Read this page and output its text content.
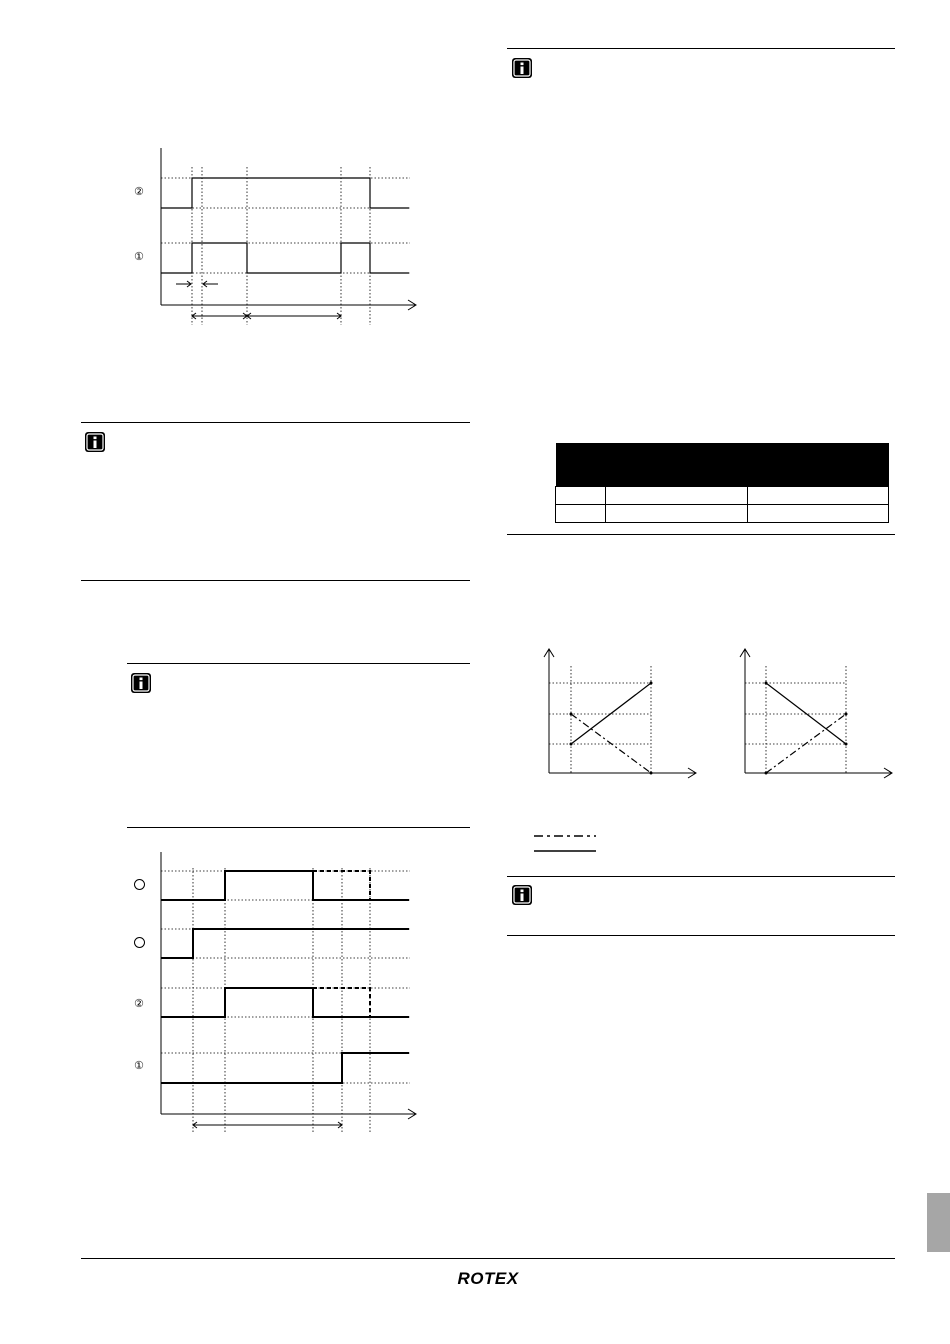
②
①
②
①

ROTEX
